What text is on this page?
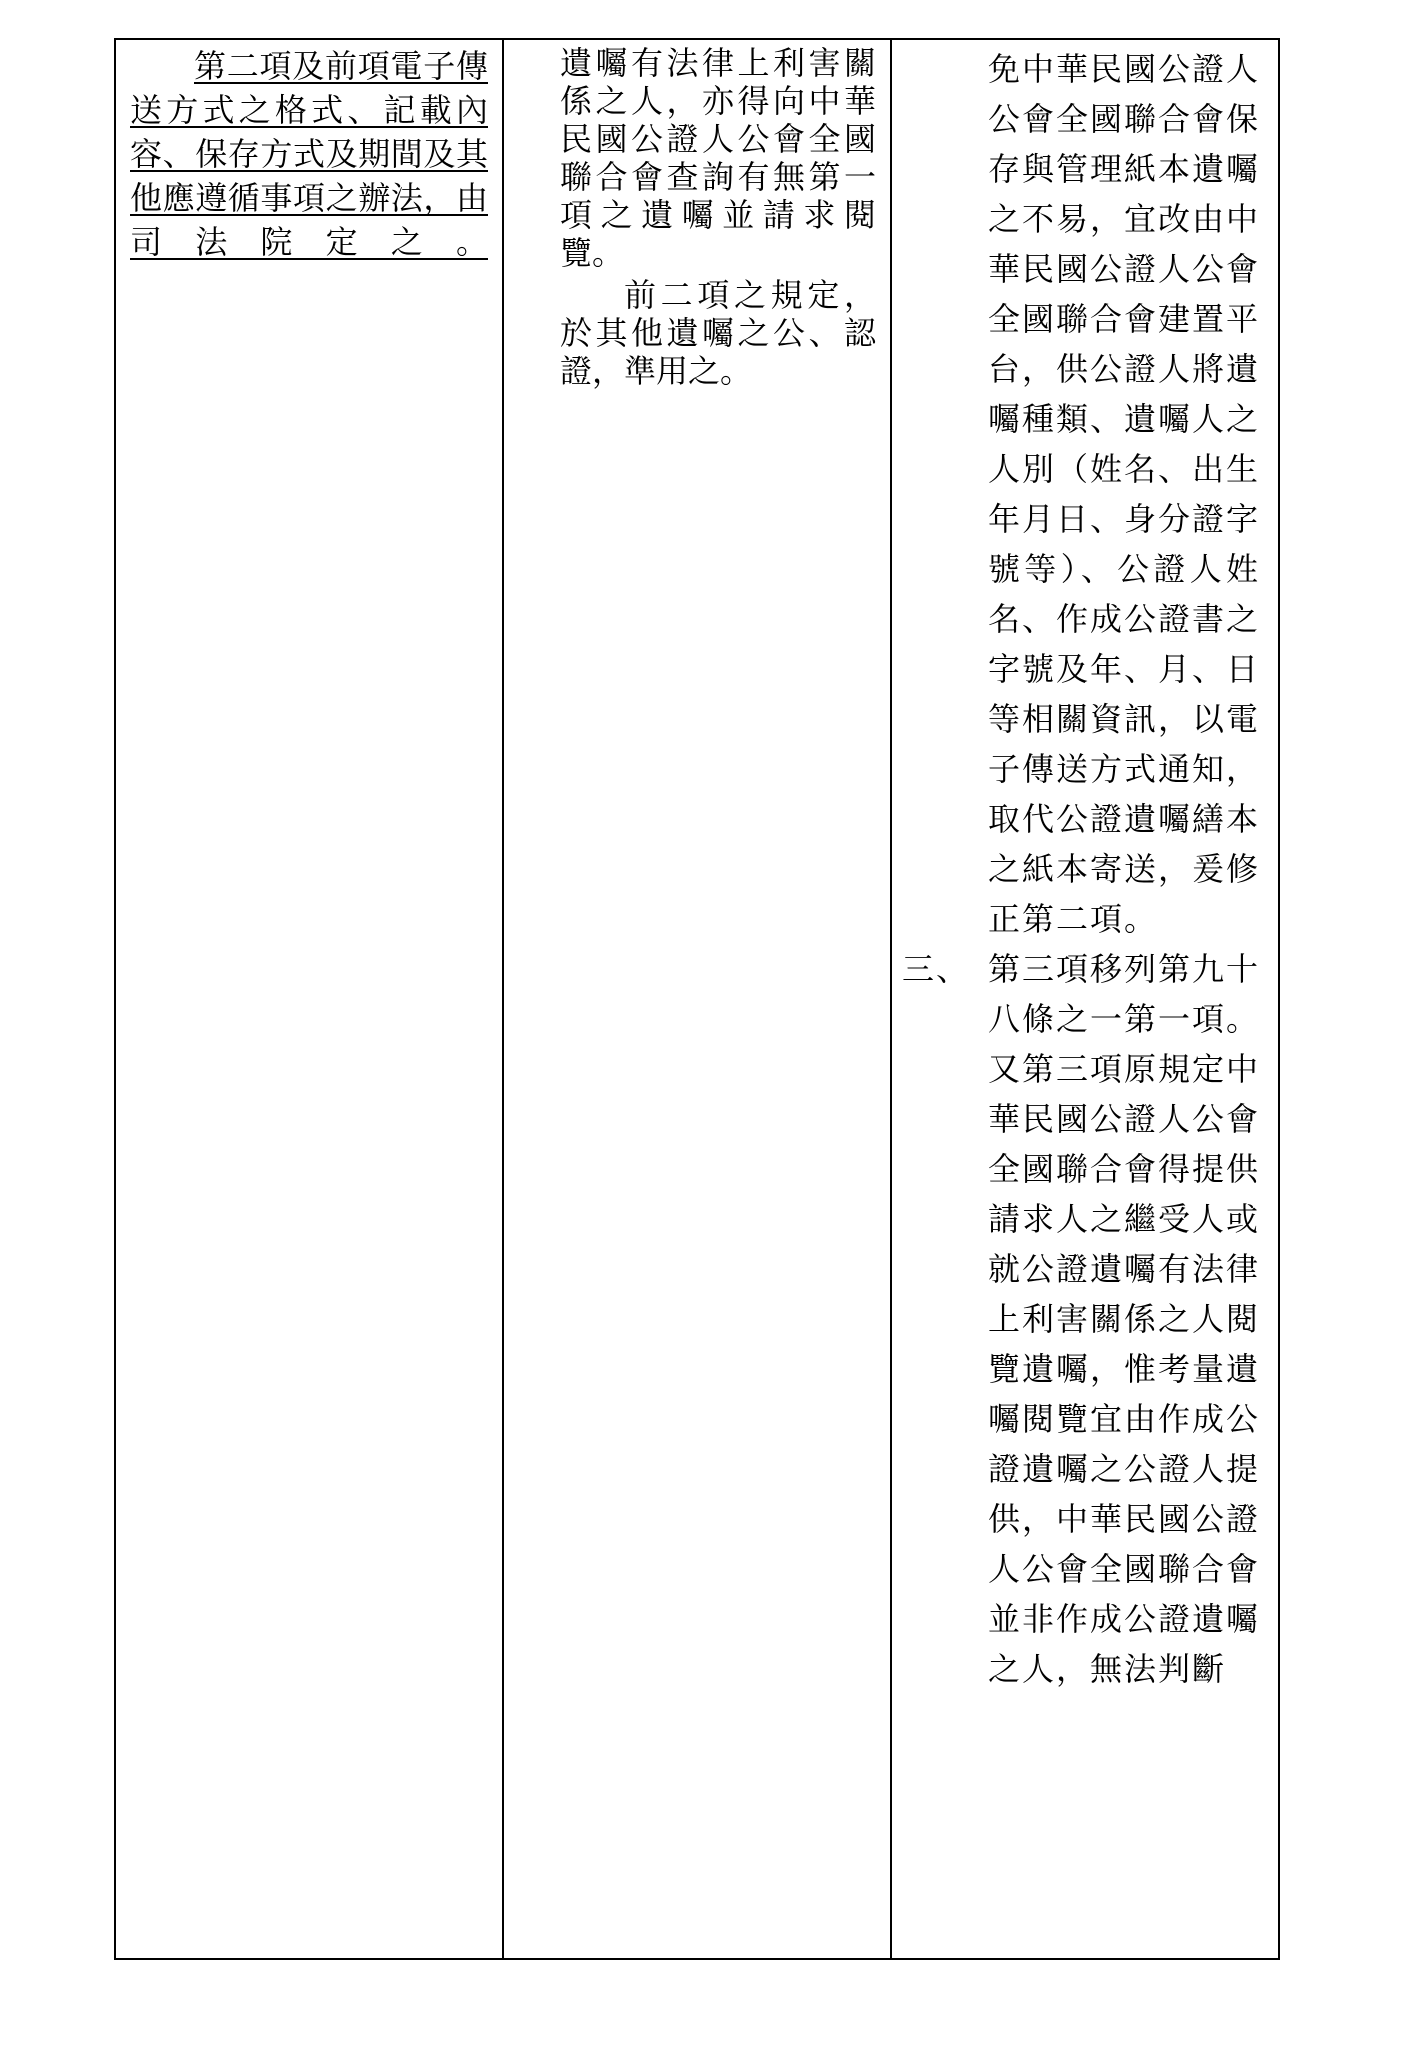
第二項及前項電子傳送方式之格式、記載內容、保存方式及期間及其他應遵循事項之辦法，由司法院定之。

遺囑有法律上利害關係之人，亦得向中華民國公證人公會全國聯合會查詢有無第一項之遺囑並請求閱覽。

前二項之規定，於其他遺囑之公、認證，準用之。

免中華民國公證人公會全國聯合會保存與管理紙本遺囑之不易，宜改由中華民國公證人公會全國聯合會建置平台，供公證人將遺囑種類、遺囑人之人別（姓名、出生年月日、身分證字號等）、公證人姓名、作成公證書之字號及年、月、日等相關資訊，以電子傳送方式通知，取代公證遺囑繕本之紙本寄送，爰修正第二項。

三、 第三項移列第九十八條之一第一項。又第三項原規定中華民國公證人公會全國聯合會得提供請求人之繼受人或就公證遺囑有法律上利害關係之人閱覽遺囑，惟考量遺囑閱覽宜由作成公證遺囑之公證人提供，中華民國公證人公會全國聯合會並非作成公證遺囑之人，無法判斷
